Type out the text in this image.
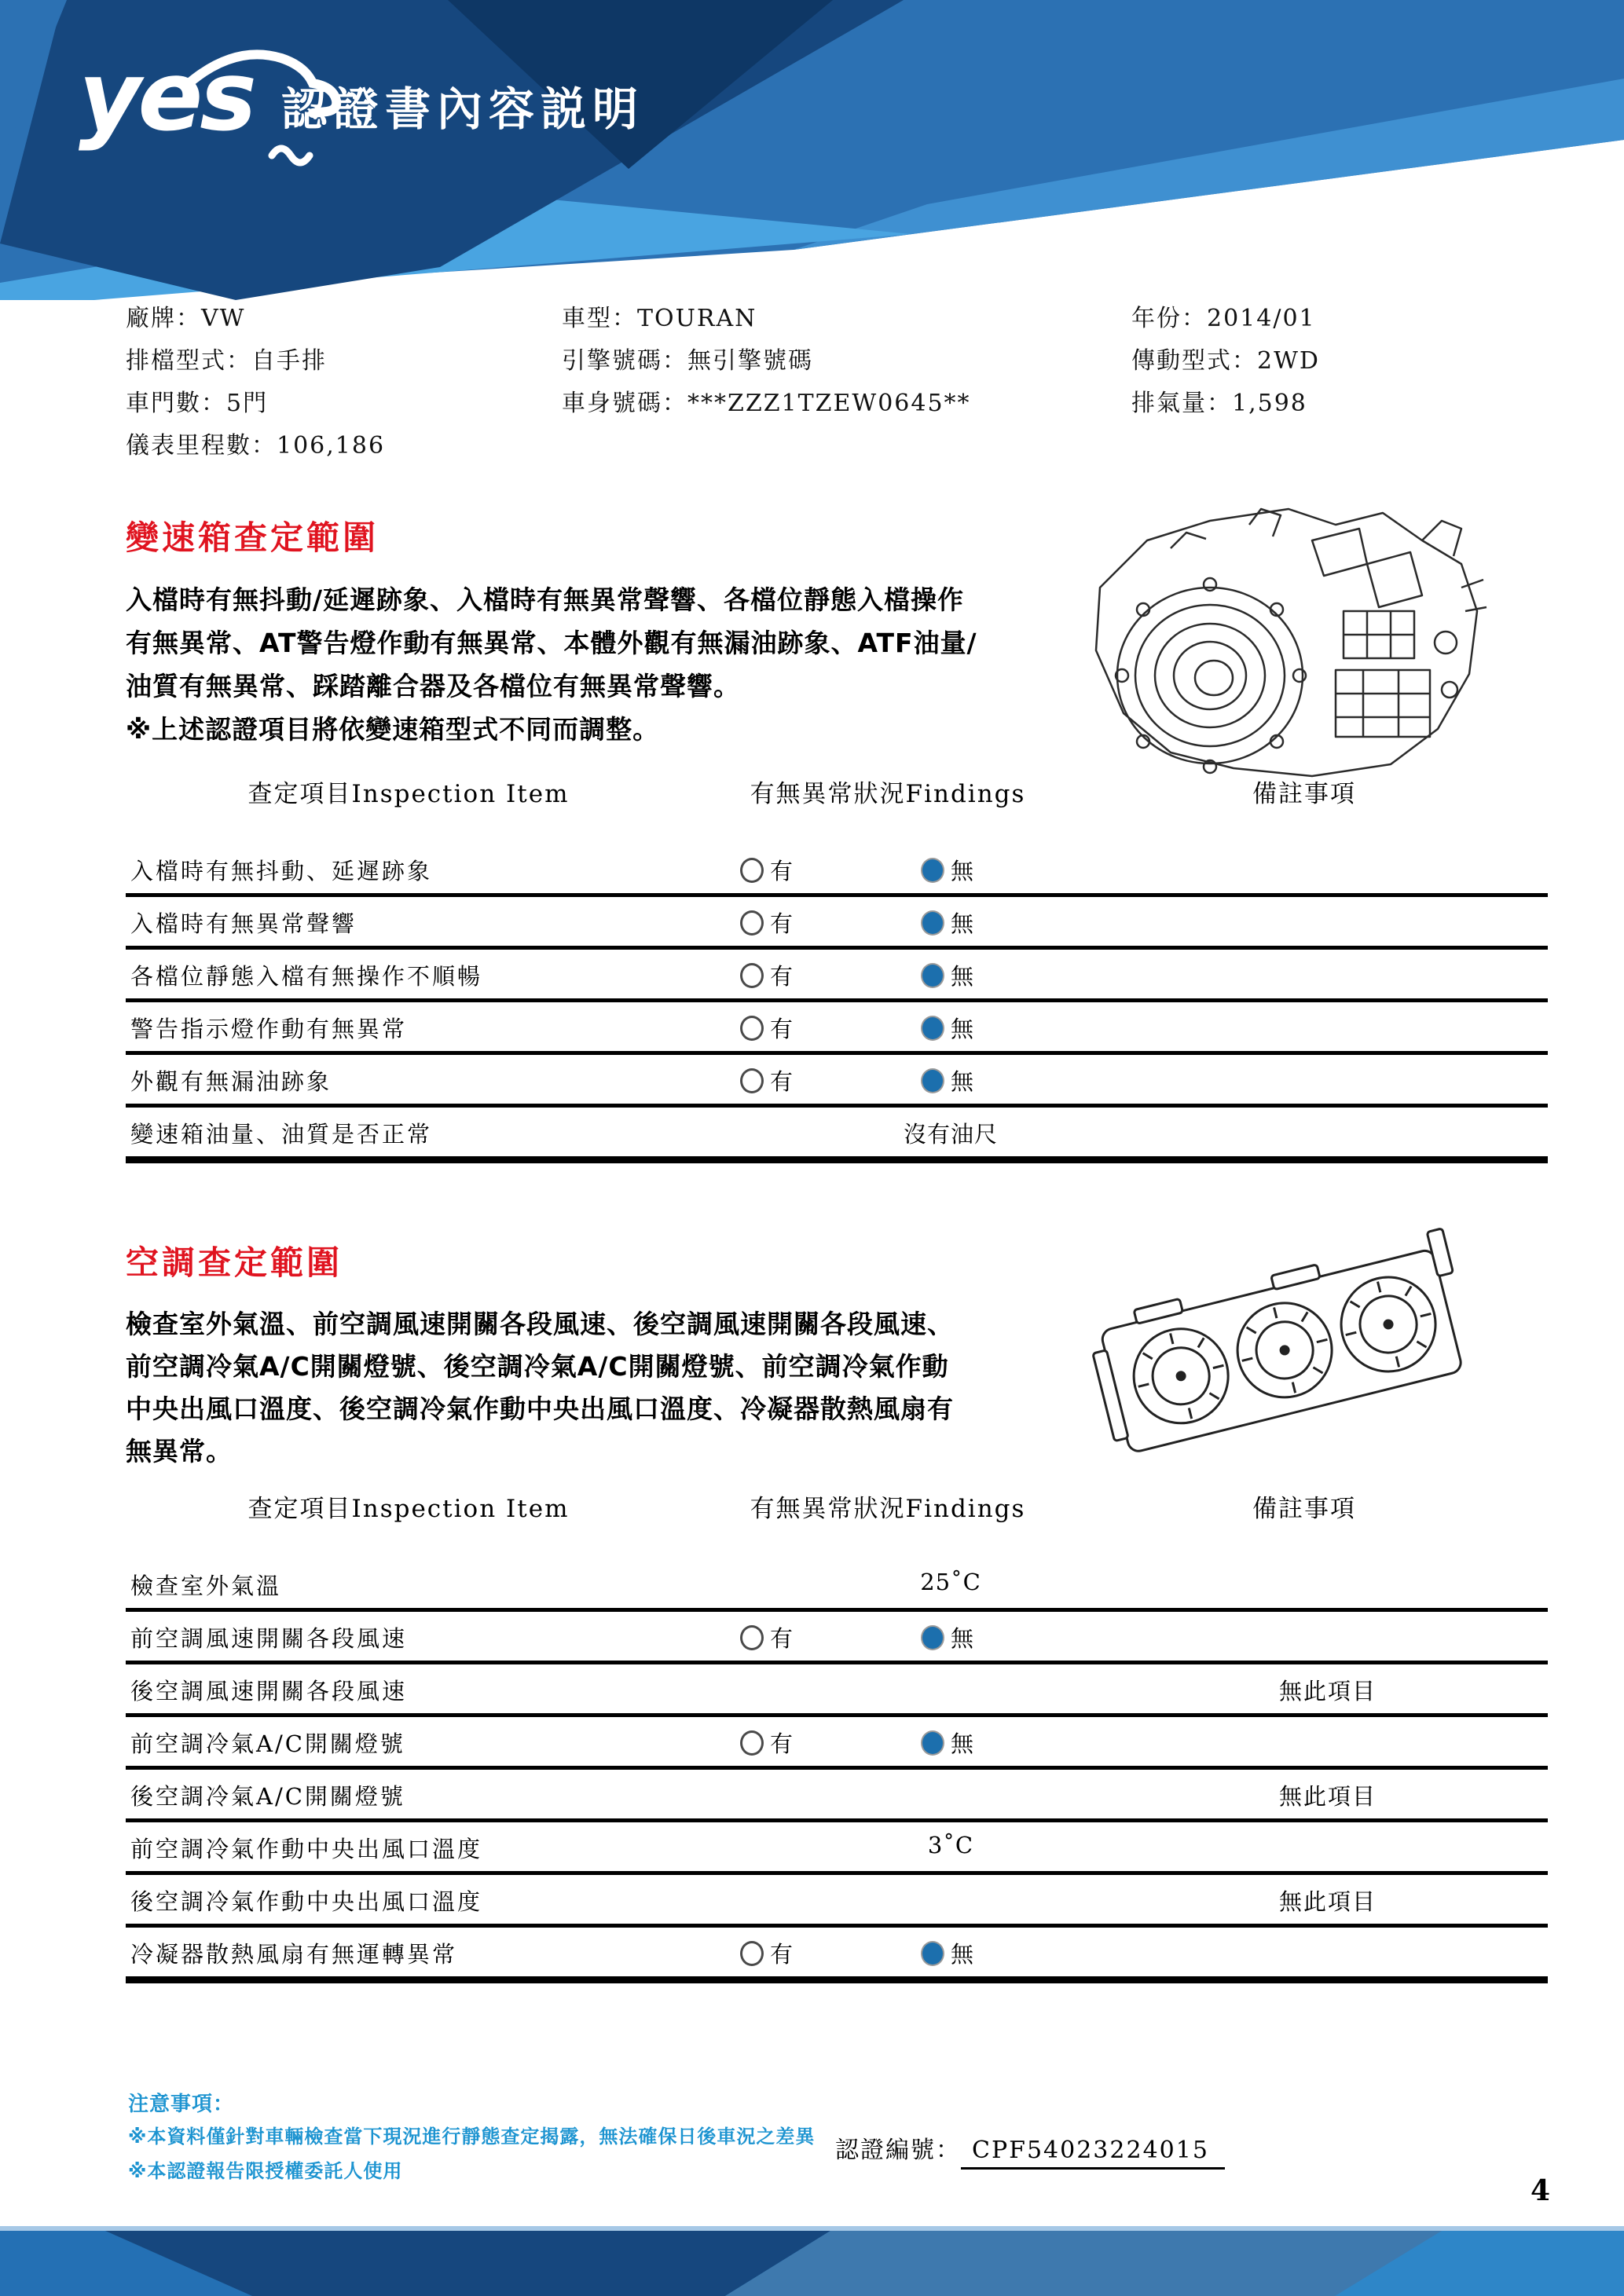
yes 認證書內容説明
廠牌：VW
排檔型式：自手排
車門數：5門
儀表里程數：106,186
車型：TOURAN
引擎號碼：無引擎號碼
車身號碼：***ZZZ1TZEW0645**
年份：2014/01
傳動型式：2WD
排氣量：1,598
變速箱查定範圍
入檔時有無抖動/延遲跡象、入檔時有無異常聲響、各檔位靜態入檔操作
有無異常、AT警告燈作動有無異常、本體外觀有無漏油跡象、ATF油量/
油質有無異常、踩踏離合器及各檔位有無異常聲響。
※上述認證項目將依變速箱型式不同而調整。
查定項目Inspection Item	有無異常狀況Findings	備註事項
入檔時有無抖動、延遲跡象	有	無
入檔時有無異常聲響	有	無
各檔位靜態入檔有無操作不順暢	有	無
警告指示燈作動有無異常	有	無
外觀有無漏油跡象	有	無
變速箱油量、油質是否正常	沒有油尺
空調查定範圍
檢查室外氣溫、前空調風速開關各段風速、後空調風速開關各段風速、
前空調冷氣A/C開關燈號、後空調冷氣A/C開關燈號、前空調冷氣作動
中央出風口溫度、後空調冷氣作動中央出風口溫度、冷凝器散熱風扇有
無異常。
查定項目Inspection Item	有無異常狀況Findings	備註事項
檢查室外氣溫	25˚C
前空調風速開關各段風速	有	無
後空調風速開關各段風速	無此項目
前空調冷氣A/C開關燈號	有	無
後空調冷氣A/C開關燈號	無此項目
前空調冷氣作動中央出風口溫度	3˚C
後空調冷氣作動中央出風口溫度	無此項目
冷凝器散熱風扇有無運轉異常	有	無
注意事項：
※本資料僅針對車輛檢查當下現況進行靜態查定揭露，無法確保日後車況之差異
※本認證報告限授權委託人使用
認證編號： CPF54023224015
4
